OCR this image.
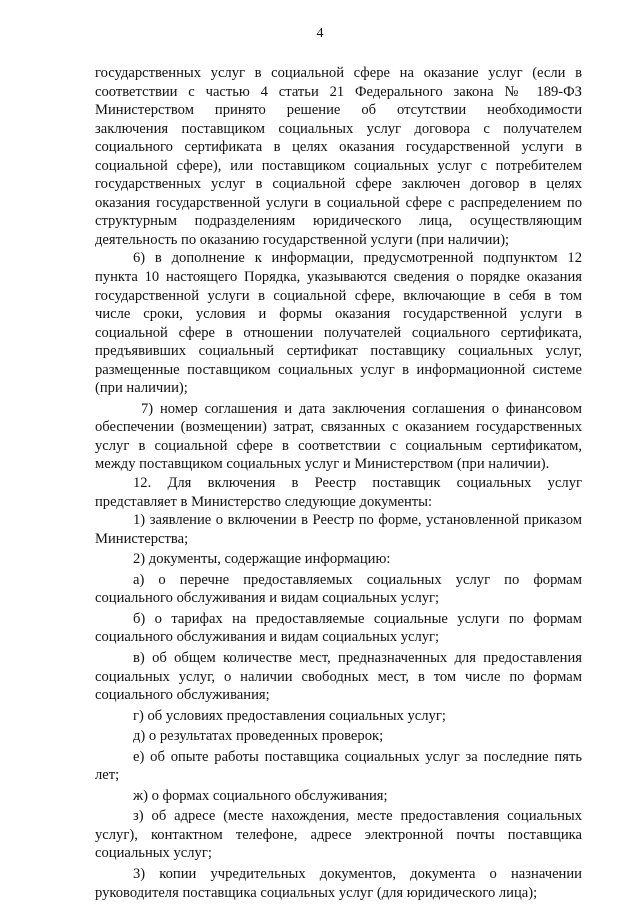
4
государственных услуг в социальной сфере на оказание услуг (если в
соответствии с частью 4 статьи 21 Федерального закона № 189-ФЗ
Министерством принято решение об отсутствии необходимости
заключения поставщиком социальных услуг договора с получателем
социального сертификата в целях оказания государственной услуги в
социальной сфере), или поставщиком социальных услуг с потребителем
государственных услуг в социальной сфере заключен договор в целях
оказания государственной услуги в социальной сфере с распределением по
структурным подразделениям юридического лица, осуществляющим
деятельность по оказанию государственной услуги (при наличии);
6) в дополнение к информации, предусмотренной подпунктом 12
пункта 10 настоящего Порядка, указываются сведения о порядке оказания
государственной услуги в социальной сфере, включающие в себя в том
числе сроки, условия и формы оказания государственной услуги в
социальной сфере в отношении получателей социального сертификата,
предъявивших социальный сертификат поставщику социальных услуг,
размещенные поставщиком социальных услуг в информационной системе
(при наличии);
7) номер соглашения и дата заключения соглашения о финансовом
обеспечении (возмещении) затрат, связанных с оказанием государственных
услуг в социальной сфере в соответствии с социальным сертификатом,
между поставщиком социальных услуг и Министерством (при наличии).
12. Для включения в Реестр поставщик социальных услуг
представляет в Министерство следующие документы:
1) заявление о включении в Реестр по форме, установленной приказом
Министерства;
2) документы, содержащие информацию:
а) о перечне предоставляемых социальных услуг по формам
социального обслуживания и видам социальных услуг;
б) о тарифах на предоставляемые социальные услуги по формам
социального обслуживания и видам социальных услуг;
в) об общем количестве мест, предназначенных для предоставления
социальных услуг, о наличии свободных мест, в том числе по формам
социального обслуживания;
г) об условиях предоставления социальных услуг;
д) о результатах проведенных проверок;
е) об опыте работы поставщика социальных услуг за последние пять
лет;
ж) о формах социального обслуживания;
з) об адресе (месте нахождения, месте предоставления социальных
услуг), контактном телефоне, адресе электронной почты поставщика
социальных услуг;
3) копии учредительных документов, документа о назначении
руководителя поставщика социальных услуг (для юридического лица);
